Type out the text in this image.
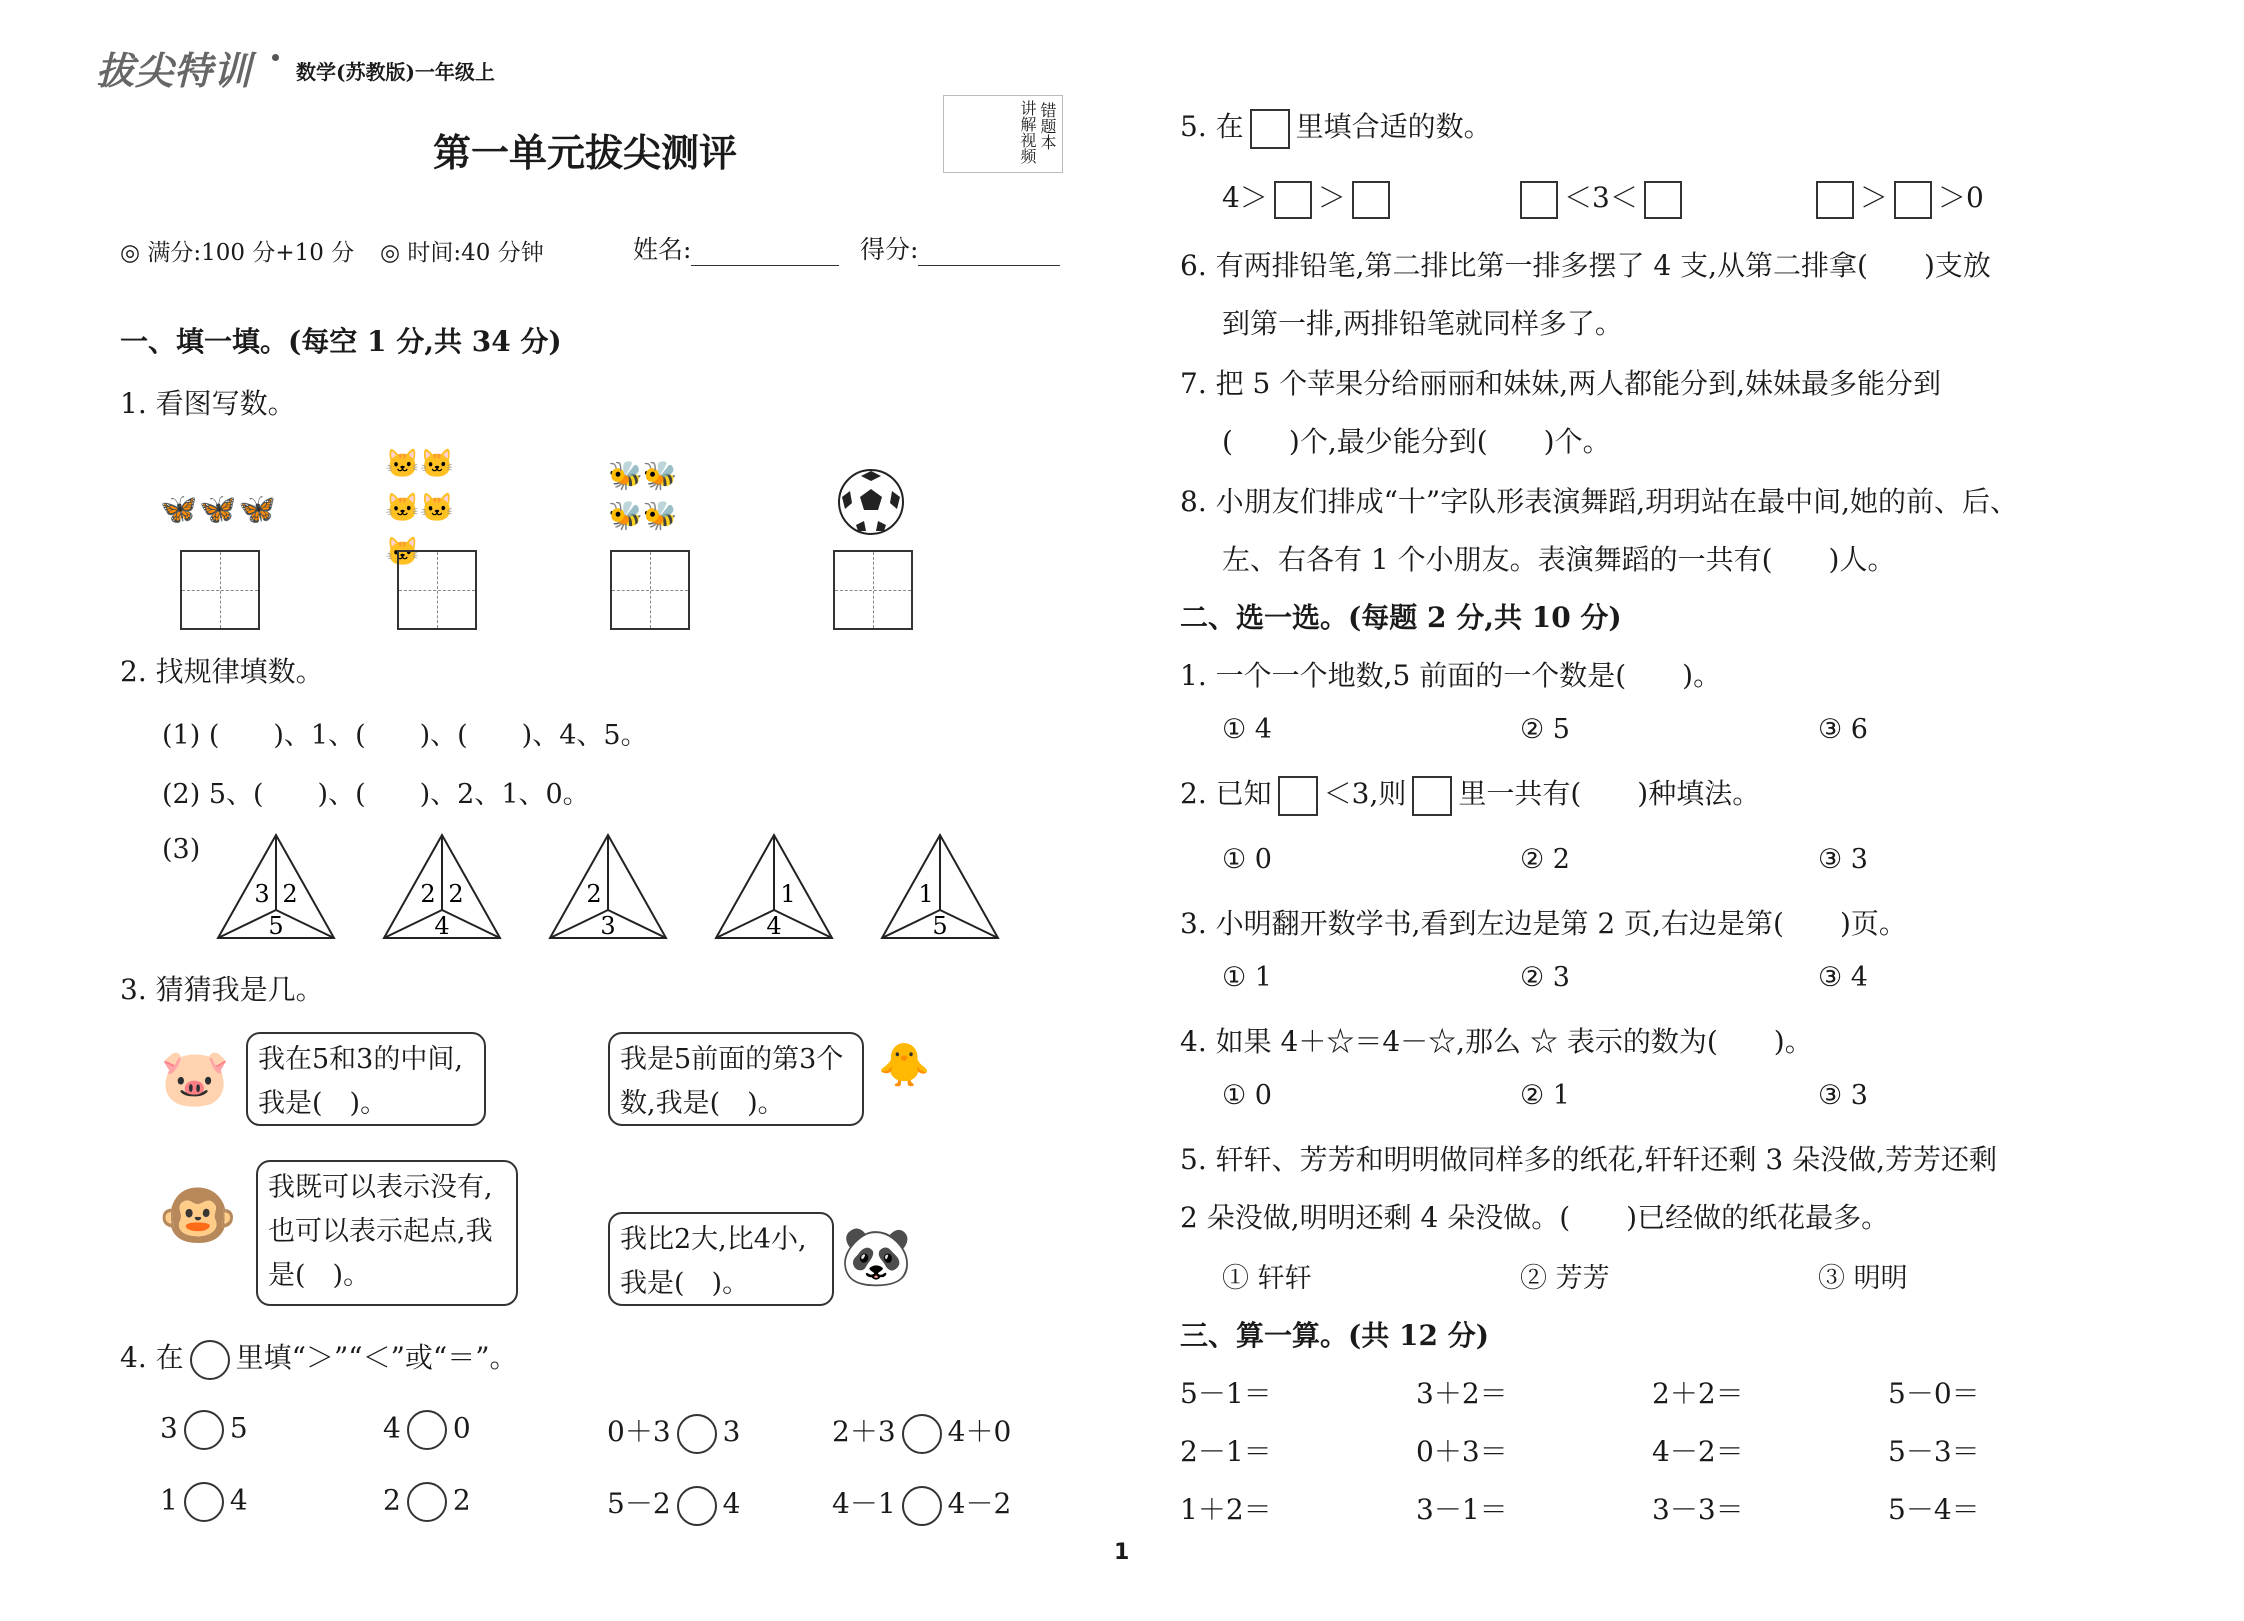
拔尖特训 数学(苏教版)一年级上
错题本
讲解视频
第一单元拔尖测评
◎ 满分:100 分+10 分 ◎ 时间:40 分钟	姓名:	得分:
一、填一填。(每空 1 分,共 34 分)
1. 看图写数。
🦋🦋🦋
🐱🐱🐱🐱🐱
🐝🐝🐝🐝
2. 找规律填数。
(1) (　　)、1、(　　)、(　　)、4、5。
(2) 5、(　　)、(　　)、2、1、0。
(3)
3 2
5
2 2
4
2
3
1
4
1
5
3. 猜猜我是几。
🐷	我在5和3的中间,我是(　)。
我是5前面的第3个数,我是(　)。
🐥
🐵	我既可以表示没有,也可以表示起点,我是(　)。
我比2大,比4小,我是(　)。	🐼
4. 在 里填“＞”“＜”或“＝”。
3 5	4 0	0＋3 3	2＋3 4＋0
1 4	2 2	5－2 4	4－1 4－2
5. 在 里填合适的数。
4＞ ＞	＜3＜	＞ ＞0
6. 有两排铅笔,第二排比第一排多摆了 4 支,从第二排拿(　　)支放
到第一排,两排铅笔就同样多了。
7. 把 5 个苹果分给丽丽和妹妹,两人都能分到,妹妹最多能分到
(　　)个,最少能分到(　　)个。
8. 小朋友们排成“十”字队形表演舞蹈,玥玥站在最中间,她的前、后、
左、右各有 1 个小朋友。表演舞蹈的一共有(　　)人。
二、选一选。(每题 2 分,共 10 分)
1. 一个一个地数,5 前面的一个数是(　　)。
① 4	② 5	③ 6
2. 已知 ＜3,则 里一共有(　　)种填法。
① 0	② 2	③ 3
3. 小明翻开数学书,看到左边是第 2 页,右边是第(　　)页。
① 1	② 3	③ 4
4. 如果 4＋☆＝4－☆,那么 ☆ 表示的数为(　　)。
① 0	② 1	③ 3
5. 轩轩、芳芳和明明做同样多的纸花,轩轩还剩 3 朵没做,芳芳还剩
2 朵没做,明明还剩 4 朵没做。(　　)已经做的纸花最多。
① 轩轩	② 芳芳	③ 明明
三、算一算。(共 12 分)
5－1＝	3＋2＝	2＋2＝	5－0＝
2－1＝	0＋3＝	4－2＝	5－3＝
1＋2＝	3－1＝	3－3＝	5－4＝
1
